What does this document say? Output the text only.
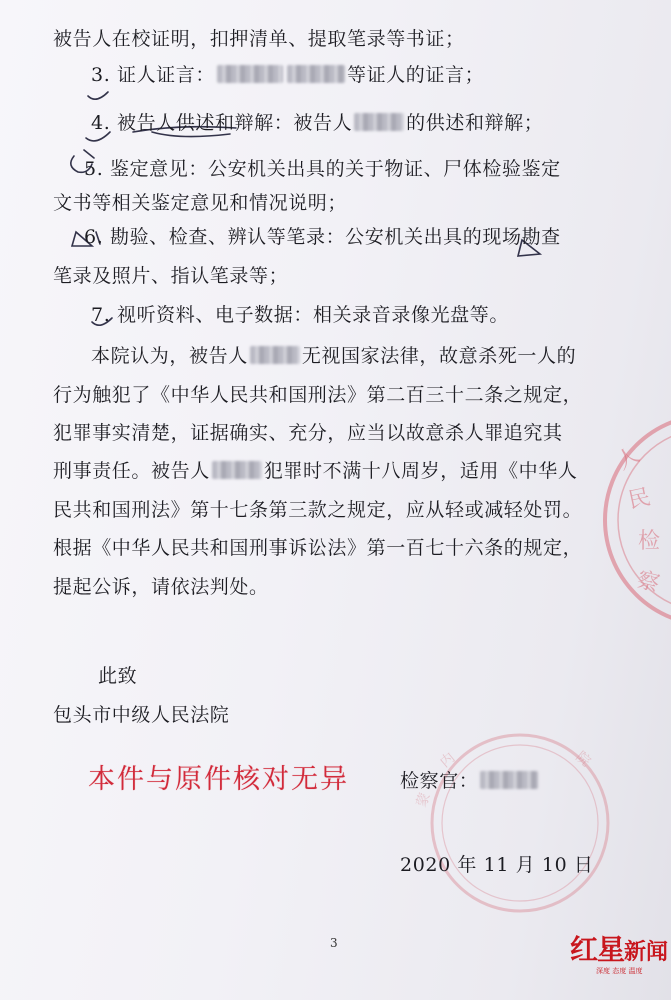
人
民
检
察
内
蒙
院
被告人在校证明，扣押清单、提取笔录等书证；
3. 证人证言：	等证人的证言；
4. 被告人供述和辩解：被告人	的供述和辩解；
5. 鉴定意见：公安机关出具的关于物证、尸体检验鉴定
文书等相关鉴定意见和情况说明；
6. 勘验、检查、辨认等笔录：公安机关出具的现场勘查
笔录及照片、指认笔录等；
7. 视听资料、电子数据：相关录音录像光盘等。
本院认为，被告人	无视国家法律，故意杀死一人的
行为触犯了《中华人民共和国刑法》第二百三十二条之规定，
犯罪事实清楚，证据确实、充分，应当以故意杀人罪追究其
刑事责任。被告人	犯罪时不满十八周岁，适用《中华人
民共和国刑法》第十七条第三款之规定，应从轻或减轻处罚。
根据《中华人民共和国刑事诉讼法》第一百七十六条的规定，
提起公诉，请依法判处。
此致
包头市中级人民法院
本件与原件核对无异	检察官：
2020 年 11 月 10 日
3	红星新闻
深度 态度 温度
